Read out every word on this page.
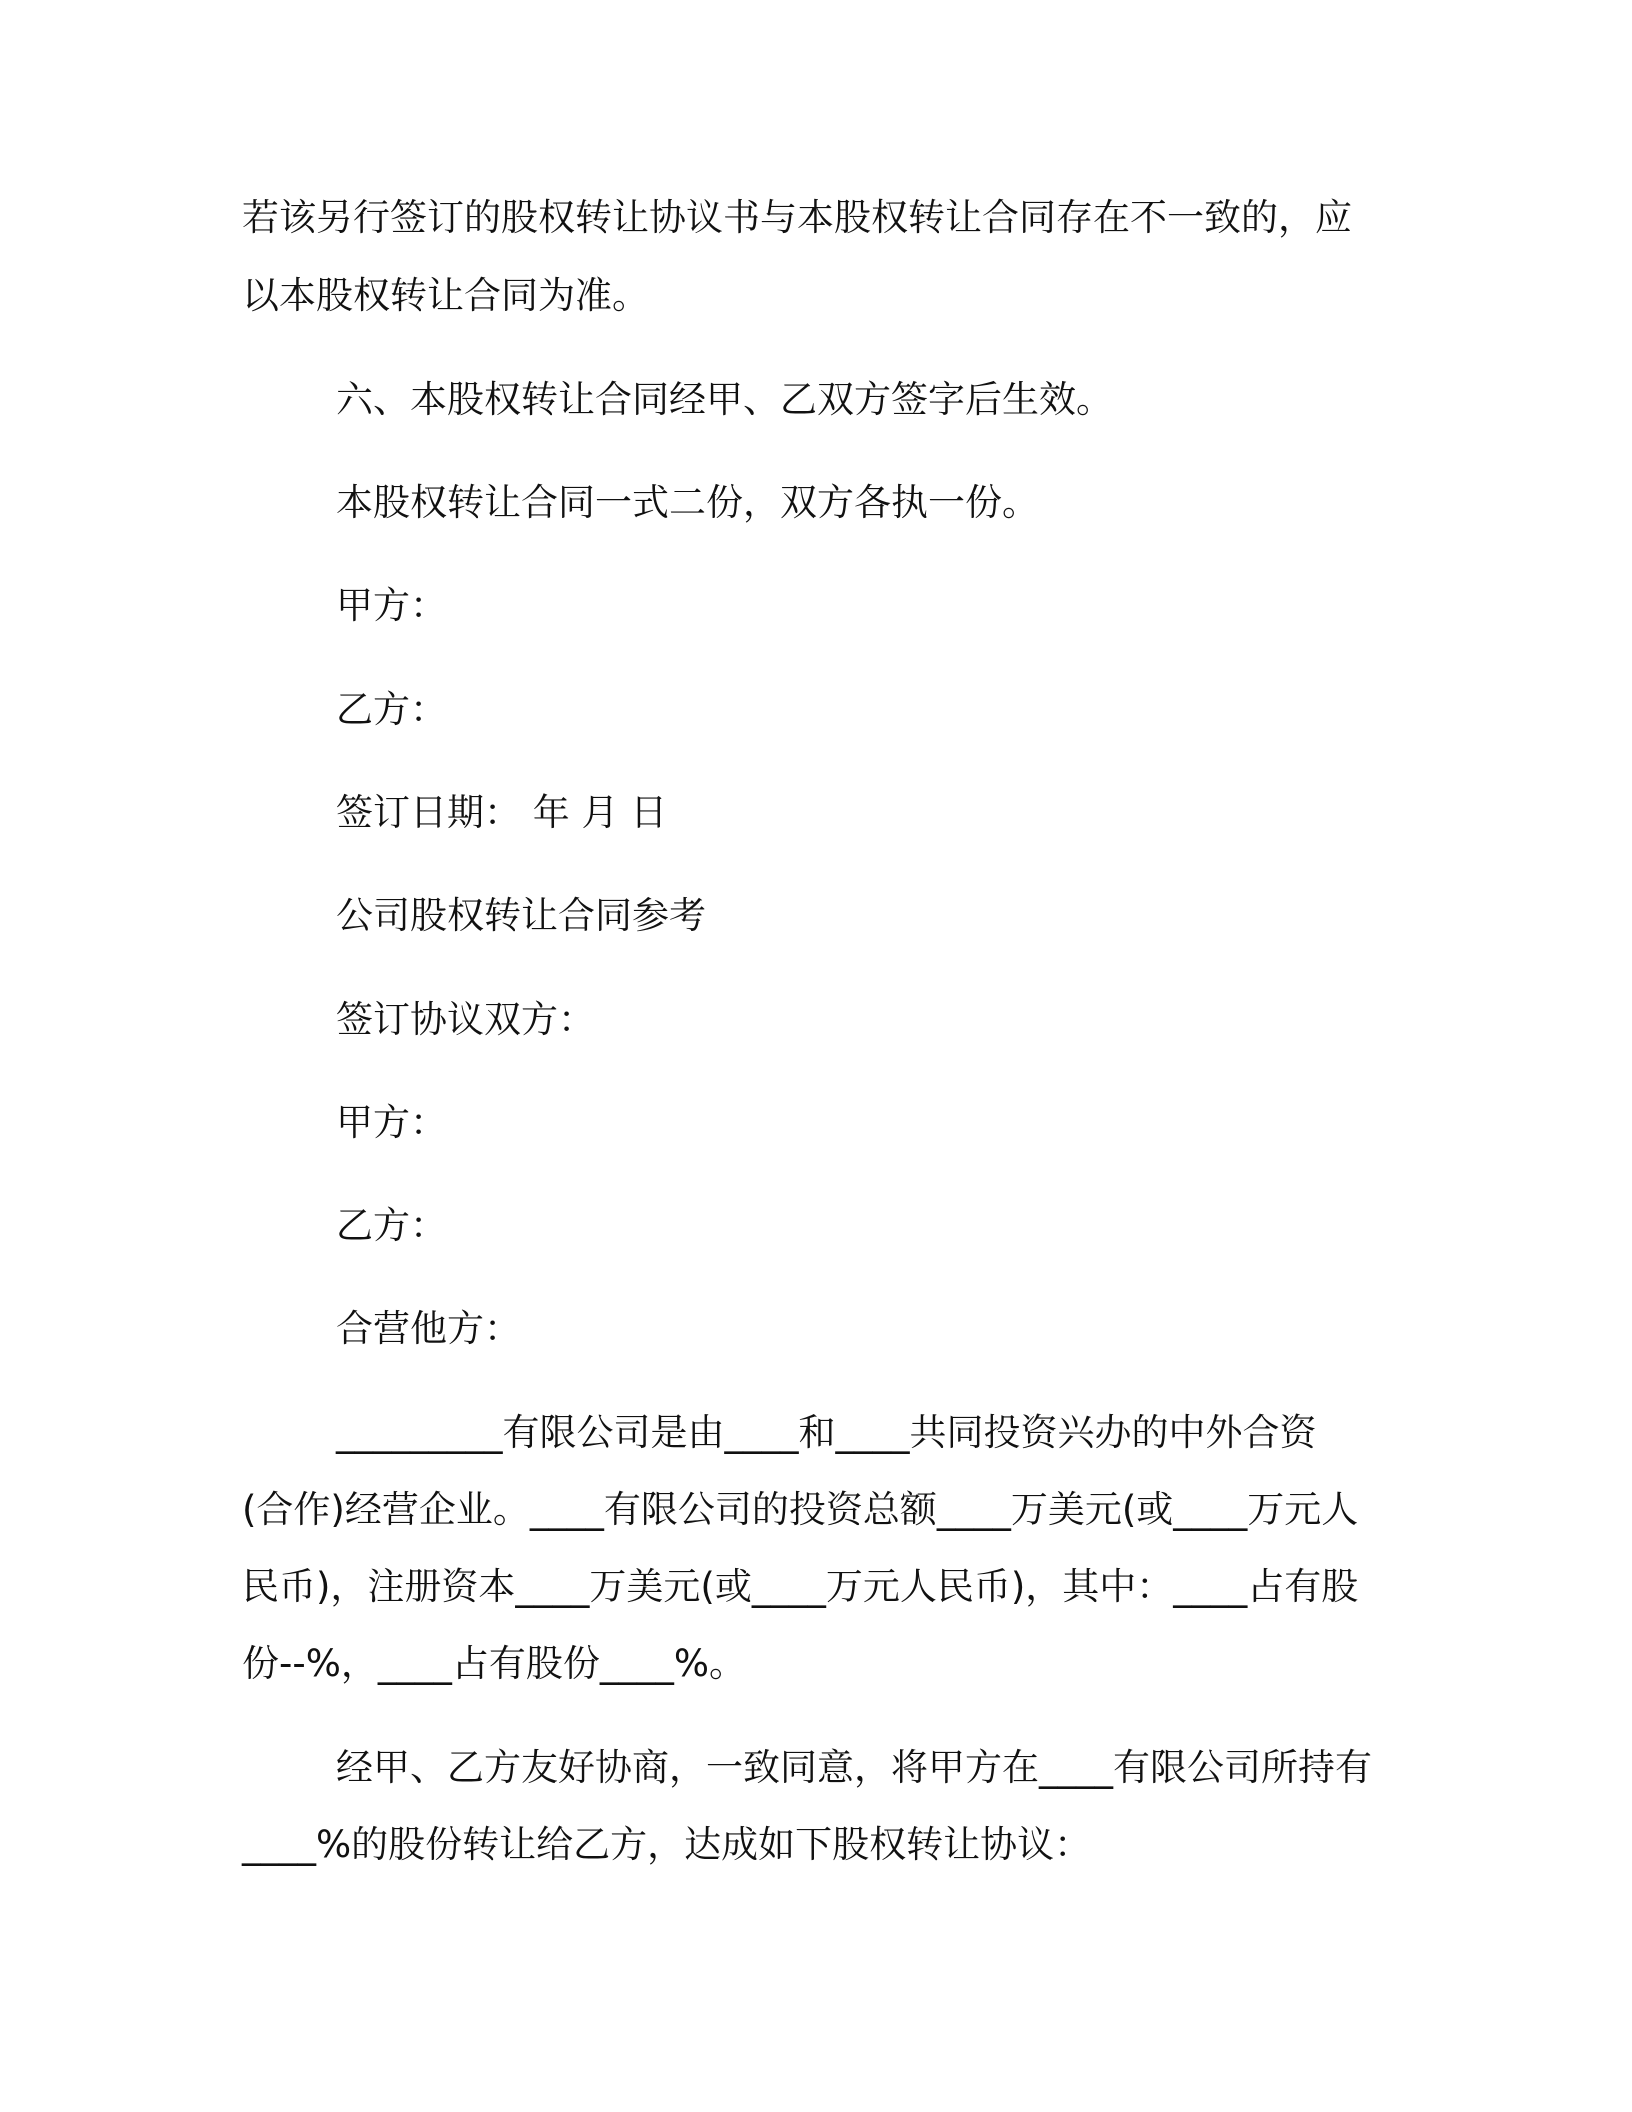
若该另行签订的股权转让协议书与本股权转让合同存在不一致的，应

以本股权转让合同为准。

六、本股权转让合同经甲、乙双方签字后生效。

本股权转让合同一式二份，双方各执一份。

甲方：

乙方：

签订日期： 年 月 日

公司股权转让合同参考

签订协议双方：

甲方：

乙方：

合营他方：

_________有限公司是由____和____共同投资兴办的中外合资

(合作)经营企业。____有限公司的投资总额____万美元(或____万元人

民币)，注册资本____万美元(或____万元人民币)，其中：____占有股

份--%，____占有股份____%。

经甲、乙方友好协商，一致同意，将甲方在____有限公司所持有

____%的股份转让给乙方，达成如下股权转让协议：
